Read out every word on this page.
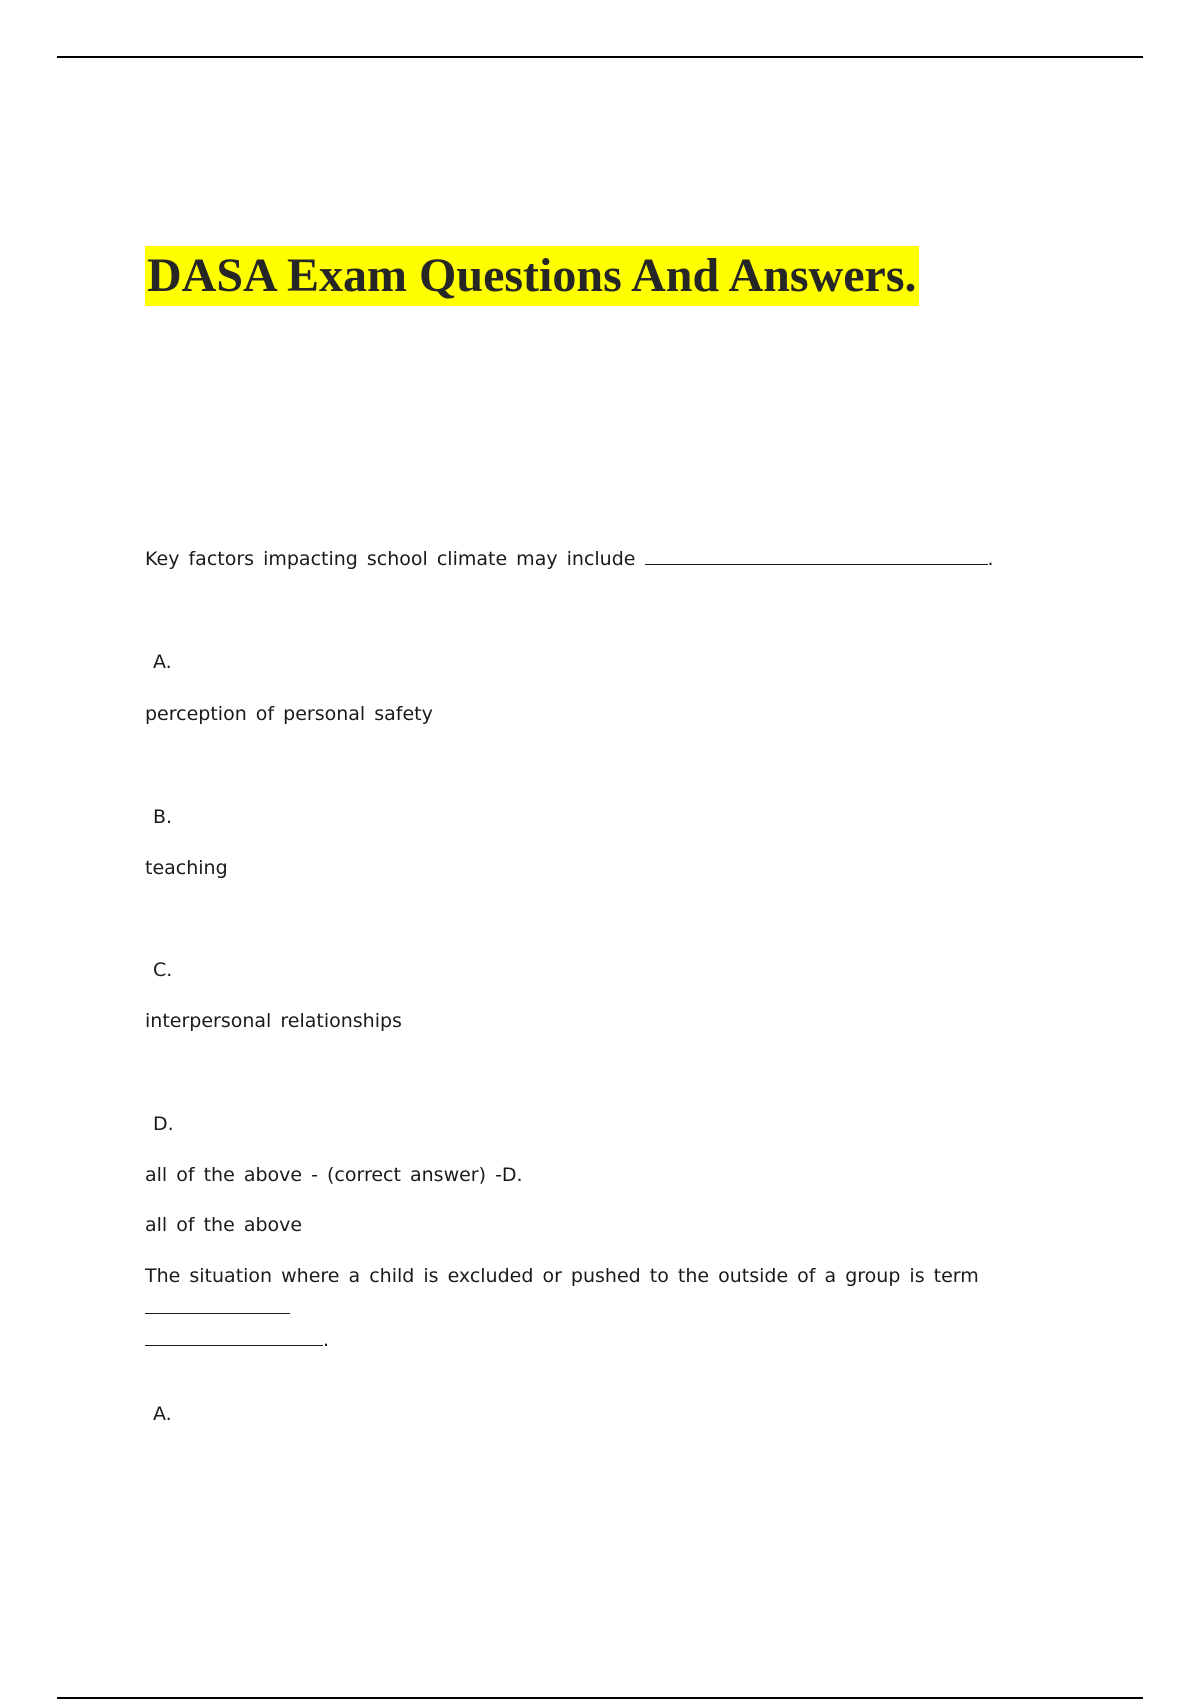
DASA Exam Questions And Answers.
Key factors impacting school climate may include	.
A.
perception of personal safety
B.
teaching
C.
interpersonal relationships
D.
all of the above - (correct answer) -D.
all of the above
The situation where a child is excluded or pushed to the outside of a group is term
.
A.
